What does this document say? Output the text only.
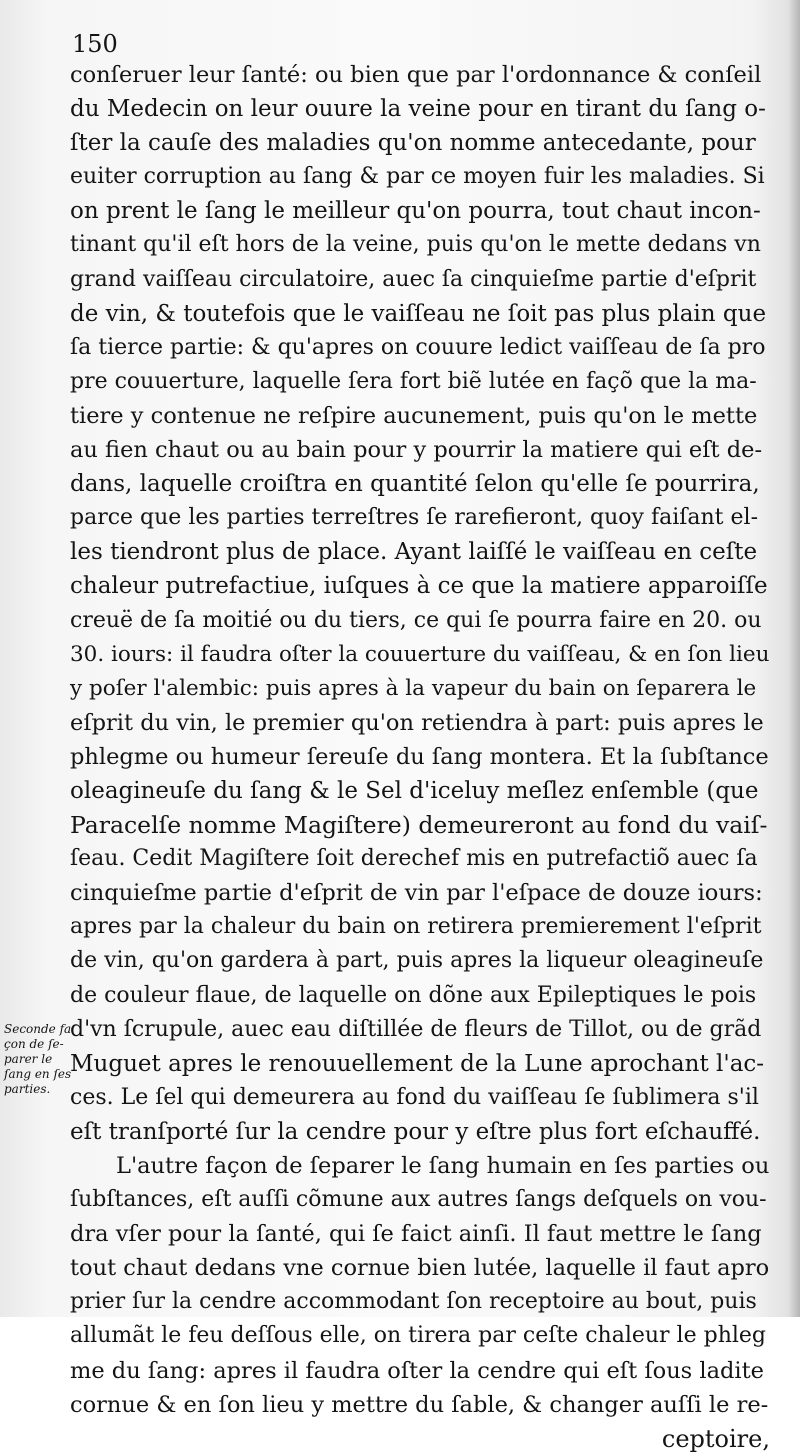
150
conſeruer leur ſanté: ou bien que par l'ordonnance & conſeil
du Medecin on leur ouure la veine pour en tirant du ſang o-
ſter la cauſe des maladies qu'on nomme antecedante, pour
euiter corruption au ſang & par ce moyen fuir les maladies. Si
on prent le ſang le meilleur qu'on pourra, tout chaut incon-
tinant qu'il eſt hors de la veine, puis qu'on le mette dedans vn
grand vaiſſeau circulatoire, auec ſa cinquieſme partie d'eſprit
de vin, & toutefois que le vaiſſeau ne ſoit pas plus plain que
ſa tierce partie: & qu'apres on couure ledict vaiſſeau de ſa pro
pre couuerture, laquelle ſera fort biẽ lutée en façõ que la ma-
tiere y contenue ne reſpire aucunement, puis qu'on le mette
au fien chaut ou au bain pour y pourrir la matiere qui eſt de-
dans, laquelle croiſtra en quantité ſelon qu'elle ſe pourrira,
parce que les parties terreſtres ſe rarefieront, quoy faiſant el-
les tiendront plus de place. Ayant laiſſé le vaiſſeau en ceſte
chaleur putrefactiue, iuſques à ce que la matiere apparoiſſe
creuë de ſa moitié ou du tiers, ce qui ſe pourra faire en 20. ou
30. iours: il faudra oſter la couuerture du vaiſſeau, & en ſon lieu
y poſer l'alembic: puis apres à la vapeur du bain on ſeparera le
eſprit du vin, le premier qu'on retiendra à part: puis apres le
phlegme ou humeur ſereuſe du ſang montera. Et la ſubſtance
oleagineuſe du ſang & le Sel d'iceluy meſlez enſemble (que
Paracelſe nomme Magiſtere) demeureront au fond du vaiſ-
ſeau. Cedit Magiſtere ſoit derechef mis en putrefactiõ auec ſa
cinquieſme partie d'eſprit de vin par l'eſpace de douze iours:
apres par la chaleur du bain on retirera premierement l'eſprit
de vin, qu'on gardera à part, puis apres la liqueur oleagineuſe
de couleur flaue, de laquelle on dõne aux Epileptiques le pois
d'vn ſcrupule, auec eau diſtillée de fleurs de Tillot, ou de grãd
Muguet apres le renouuellement de la Lune aprochant l'ac-
ces. Le ſel qui demeurera au fond du vaiſſeau ſe ſublimera s'il
eſt tranſporté ſur la cendre pour y eſtre plus fort eſchauffé.
L'autre façon de ſeparer le ſang humain en ſes parties ou
ſubſtances, eſt auſſi cõmune aux autres ſangs deſquels on vou-
dra vſer pour la ſanté, qui ſe faict ainſi. Il faut mettre le ſang
tout chaut dedans vne cornue bien lutée, laquelle il faut apro
prier ſur la cendre accommodant ſon receptoire au bout, puis
allumãt le feu deſſous elle, on tirera par ceſte chaleur le phleg
me du ſang: apres il faudra oſter la cendre qui eſt ſous ladite
cornue & en ſon lieu y mettre du ſable, & changer auſſi le re-
ceptoire,
Seconde fa
çon de ſe-
parer le
ſang en ſes
parties.
